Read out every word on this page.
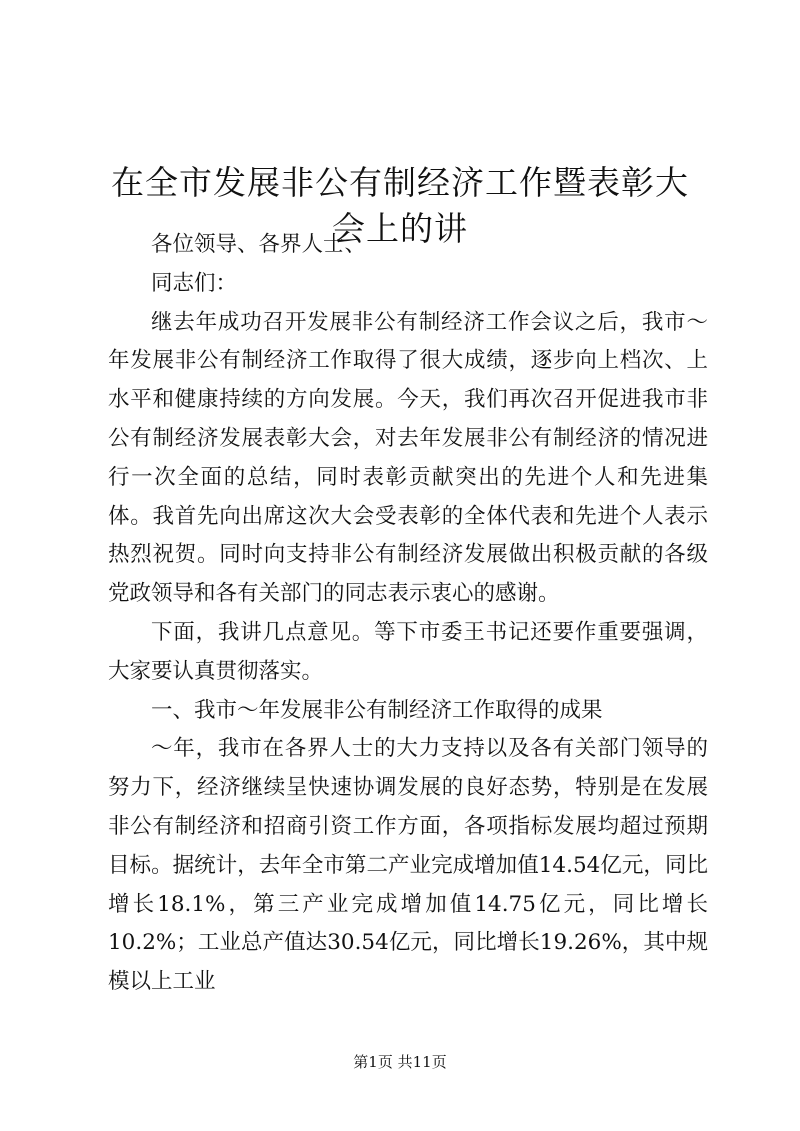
在全市发展非公有制经济工作暨表彰大会上的讲

各位领导、各界人士、

同志们：

继去年成功召开发展非公有制经济工作会议之后，我市～年发展非公有制经济工作取得了很大成绩，逐步向上档次、上水平和健康持续的方向发展。今天，我们再次召开促进我市非公有制经济发展表彰大会，对去年发展非公有制经济的情况进行一次全面的总结，同时表彰贡献突出的先进个人和先进集体。我首先向出席这次大会受表彰的全体代表和先进个人表示热烈祝贺。同时向支持非公有制经济发展做出积极贡献的各级党政领导和各有关部门的同志表示衷心的感谢。

下面，我讲几点意见。等下市委王书记还要作重要强调，大家要认真贯彻落实。

一、我市～年发展非公有制经济工作取得的成果

～年，我市在各界人士的大力支持以及各有关部门领导的努力下，经济继续呈快速协调发展的良好态势，特别是在发展非公有制经济和招商引资工作方面，各项指标发展均超过预期目标。据统计，去年全市第二产业完成增加值14.54亿元，同比增长18.1%，第三产业完成增加值14.75亿元，同比增长10.2%；工业总产值达30.54亿元，同比增长19.26%，其中规模以上工业

第1页 共11页
